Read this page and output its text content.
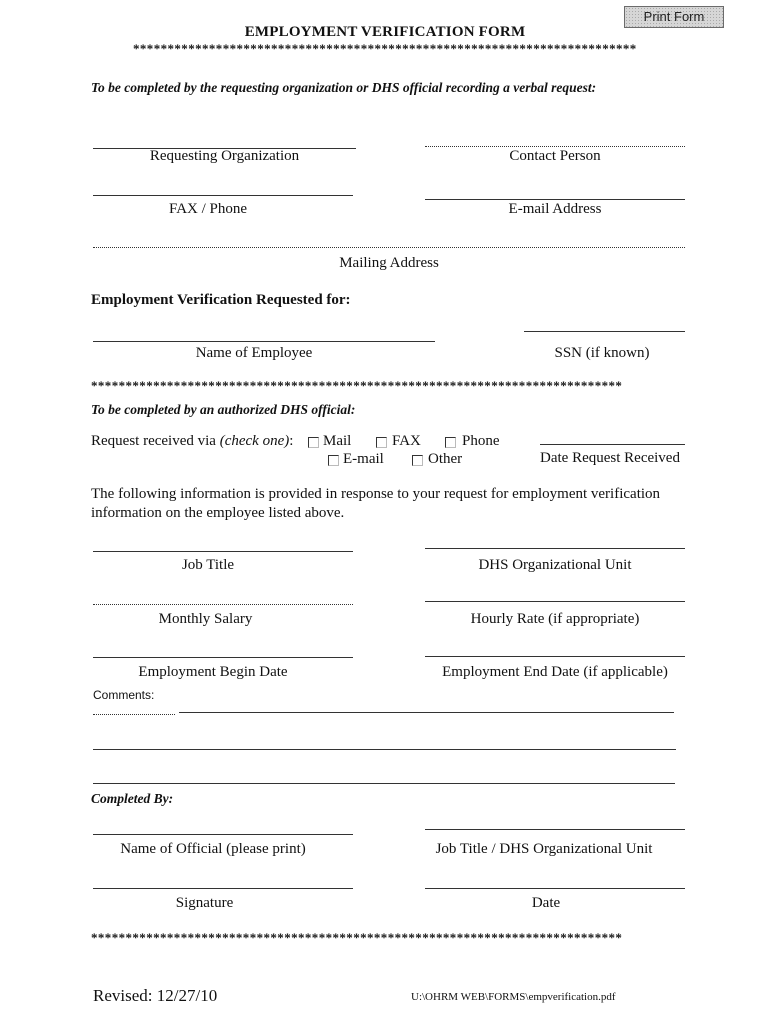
Print Form
EMPLOYMENT VERIFICATION FORM
*************************************************************************
To be completed by the requesting organization or DHS official recording a verbal request:
Requesting Organization	Contact Person
FAX / Phone	E-mail Address
Mailing Address
Employment Verification Requested for:
Name of Employee	SSN (if known)
*****************************************************************************
To be completed by an authorized DHS official:
Request received via (check one): Mail	FAX	Phone
E-mail	Other	Date Request Received
The following information is provided in response to your request for employment verification
information on the employee listed above.
Job Title	DHS Organizational Unit
Monthly Salary	Hourly Rate (if appropriate)
Employment Begin Date	Employment End Date (if applicable)
Comments:
Completed By:
Name of Official (please print)	Job Title / DHS Organizational Unit
Signature	Date
*****************************************************************************
Revised: 12/27/10	U:\OHRM WEB\FORMS\empverification.pdf
